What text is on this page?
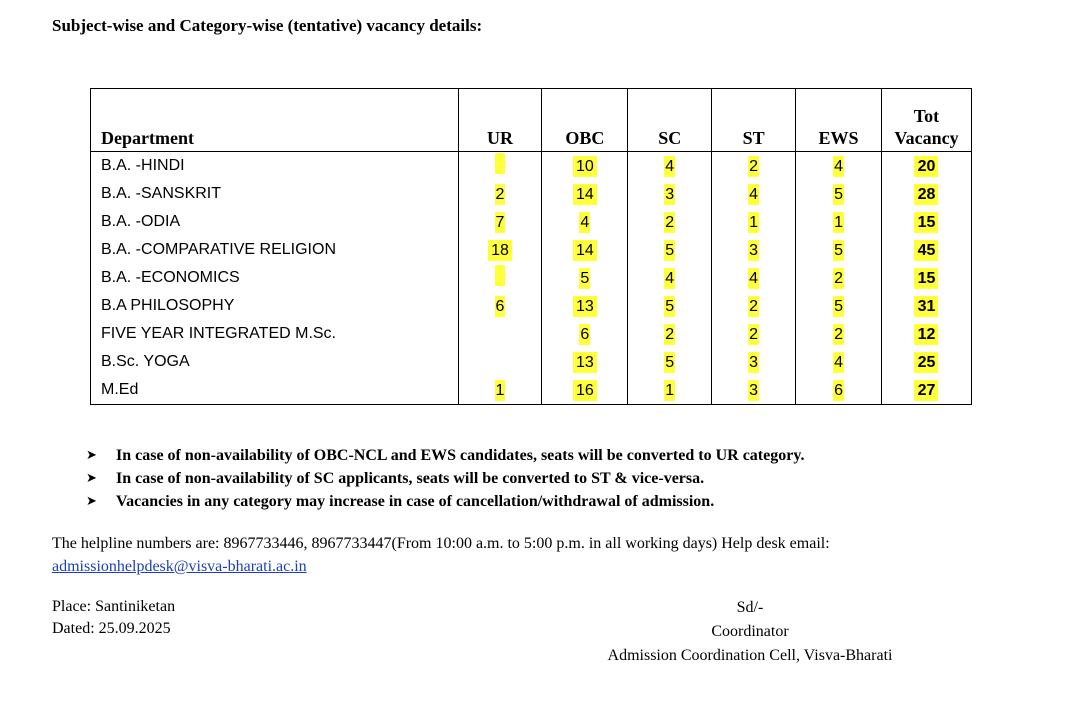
Subject-wise and Category-wise (tentative) vacancy details:
Department	UR	OBC	SC	ST	EWS	Tot Vacancy
B.A. -HINDI		10	4	2	4	20
B.A. -SANSKRIT	2	14	3	4	5	28
B.A. -ODIA	7	4	2	1	1	15
B.A. -COMPARATIVE RELIGION	18	14	5	3	5	45
B.A. -ECONOMICS		5	4	4	2	15
B.A PHILOSOPHY	6	13	5	2	5	31
FIVE YEAR INTEGRATED M.Sc.		6	2	2	2	12
B.Sc. YOGA		13	5	3	4	25
M.Ed	1	16	1	3	6	27
➤	In case of non-availability of OBC-NCL and EWS candidates, seats will be converted to UR category.
➤	In case of non-availability of SC applicants, seats will be converted to ST & vice-versa.
➤	Vacancies in any category may increase in case of cancellation/withdrawal of admission.
The helpline numbers are: 8967733446, 8967733447(From 10:00 a.m. to 5:00 p.m. in all working days) Help desk email:
admissionhelpdesk@visva-bharati.ac.in
Place: Santiniketan
Dated: 25.09.2025
Sd/-
Coordinator
Admission Coordination Cell, Visva-Bharati
